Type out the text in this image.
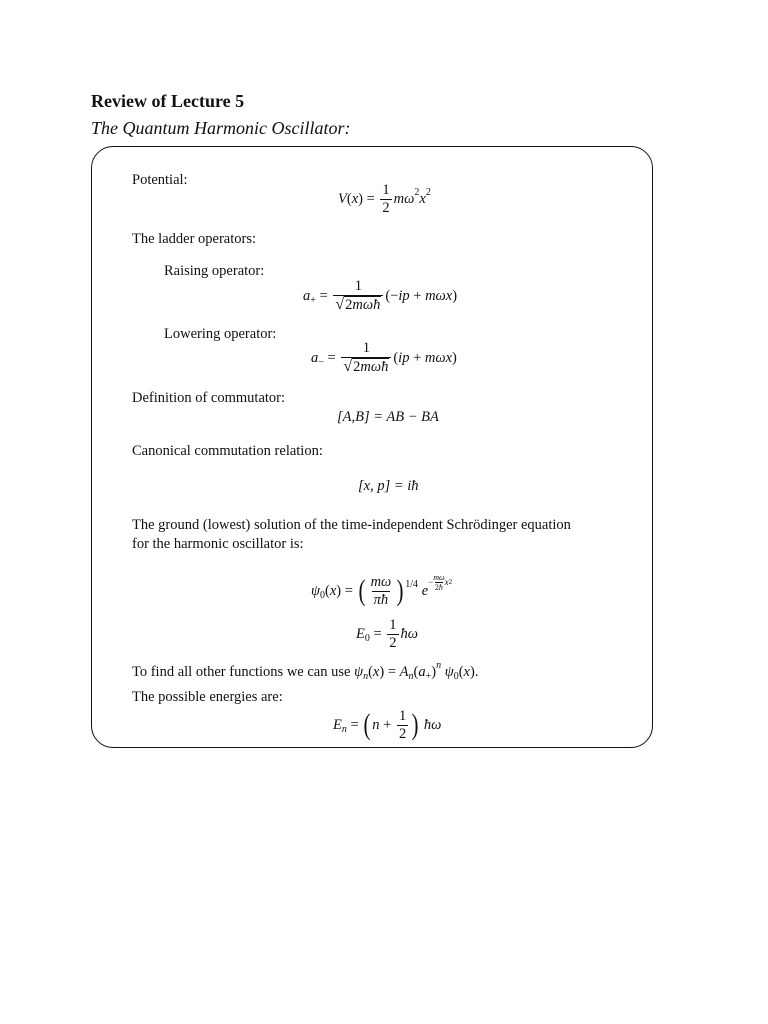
Review of Lecture 5
The Quantum Harmonic Oscillator:
Potential:
V ( x ) = $\frac{1}{2}$ mω 2 x 2
The ladder operators:
Raising operator:
a + = $\frac{1}{\text{√ 2mωħ}}$ (− ip + mωx )
Lowering operator:
a − = $\frac{1}{\text{√ 2mωħ}}$ ( ip + mωx )
Definition of commutator:
[A,B] = AB − BA
Canonical commutation relation:
[x, p] = iħ
The ground (lowest) solution of the time-independent Schrödinger equation
for the harmonic oscillator is:
ψ 0 ( x ) = ( $\frac{m\omega}{\pi ħ}$ ) 1/4
e
− $\frac{m\omega}{2ħ}$ x 2
E $0 = \frac{1}{2}$ ħω
To find all other functions we can use
ψ n ( x ) = A n ( a + ) n
ψ 0 ( x ).
The possible energies are:
E n = ( $n + \frac{1}{2}$ )
ħω
